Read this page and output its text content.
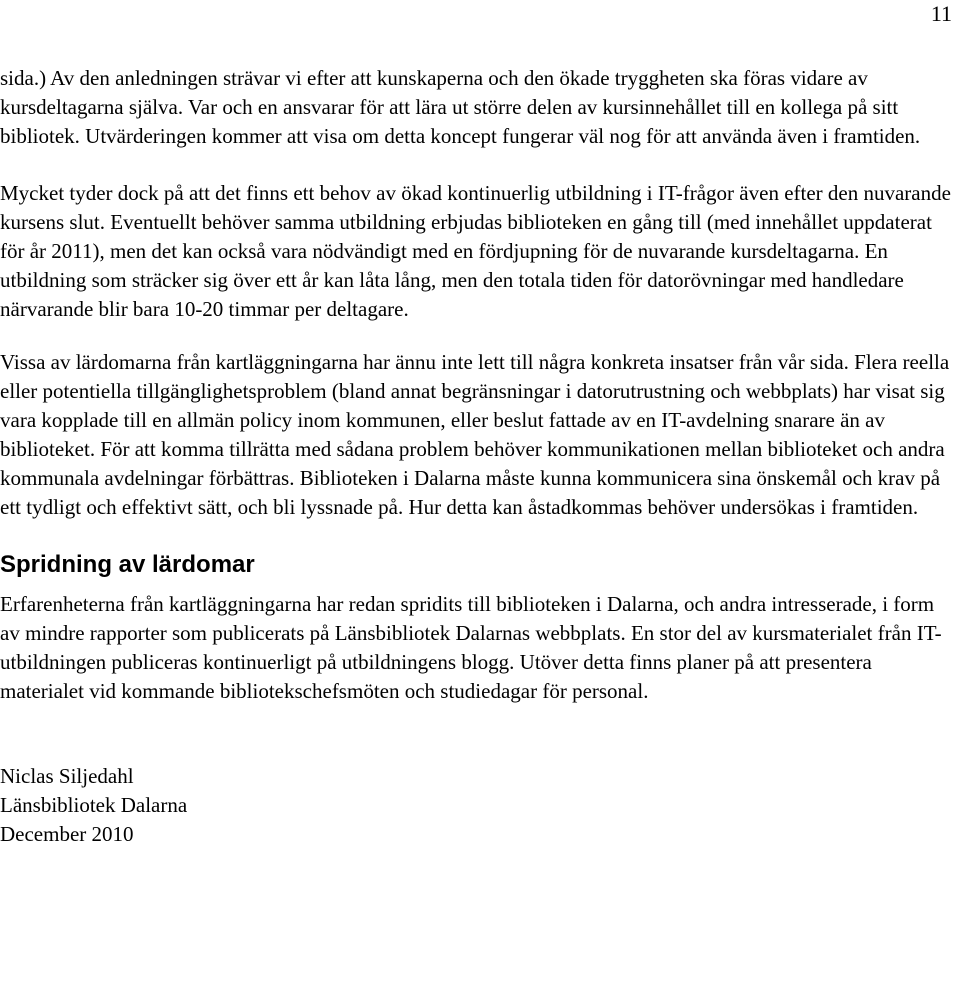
11

sida.) Av den anledningen strävar vi efter att kunskaperna och den ökade tryggheten ska föras vidare av kursdeltagarna själva. Var och en ansvarar för att lära ut större delen av kursinnehållet till en kollega på sitt bibliotek. Utvärderingen kommer att visa om detta koncept fungerar väl nog för att använda även i framtiden.

Mycket tyder dock på att det finns ett behov av ökad kontinuerlig utbildning i IT-frågor även efter den nuvarande kursens slut. Eventuellt behöver samma utbildning erbjudas biblioteken en gång till (med innehållet uppdaterat för år 2011), men det kan också vara nödvändigt med en fördjupning för de nuvarande kursdeltagarna. En utbildning som sträcker sig över ett år kan låta lång, men den totala tiden för datorövningar med handledare närvarande blir bara 10-20 timmar per deltagare.

Vissa av lärdomarna från kartläggningarna har ännu inte lett till några konkreta insatser från vår sida. Flera reella eller potentiella tillgänglighetsproblem (bland annat begränsningar i datorutrustning och webbplats) har visat sig vara kopplade till en allmän policy inom kommunen, eller beslut fattade av en IT-avdelning snarare än av biblioteket. För att komma tillrätta med sådana problem behöver kommunikationen mellan biblioteket och andra kommunala avdelningar förbättras. Biblioteken i Dalarna måste kunna kommunicera sina önskemål och krav på ett tydligt och effektivt sätt, och bli lyssnade på. Hur detta kan åstadkommas behöver undersökas i framtiden.

Spridning av lärdomar

Erfarenheterna från kartläggningarna har redan spridits till biblioteken i Dalarna, och andra intresserade, i form av mindre rapporter som publicerats på Länsbibliotek Dalarnas webbplats. En stor del av kursmaterialet från IT-utbildningen publiceras kontinuerligt på utbildningens blogg. Utöver detta finns planer på att presentera materialet vid kommande bibliotekschefsmöten och studiedagar för personal.

Niclas Siljedahl
Länsbibliotek Dalarna
December 2010
